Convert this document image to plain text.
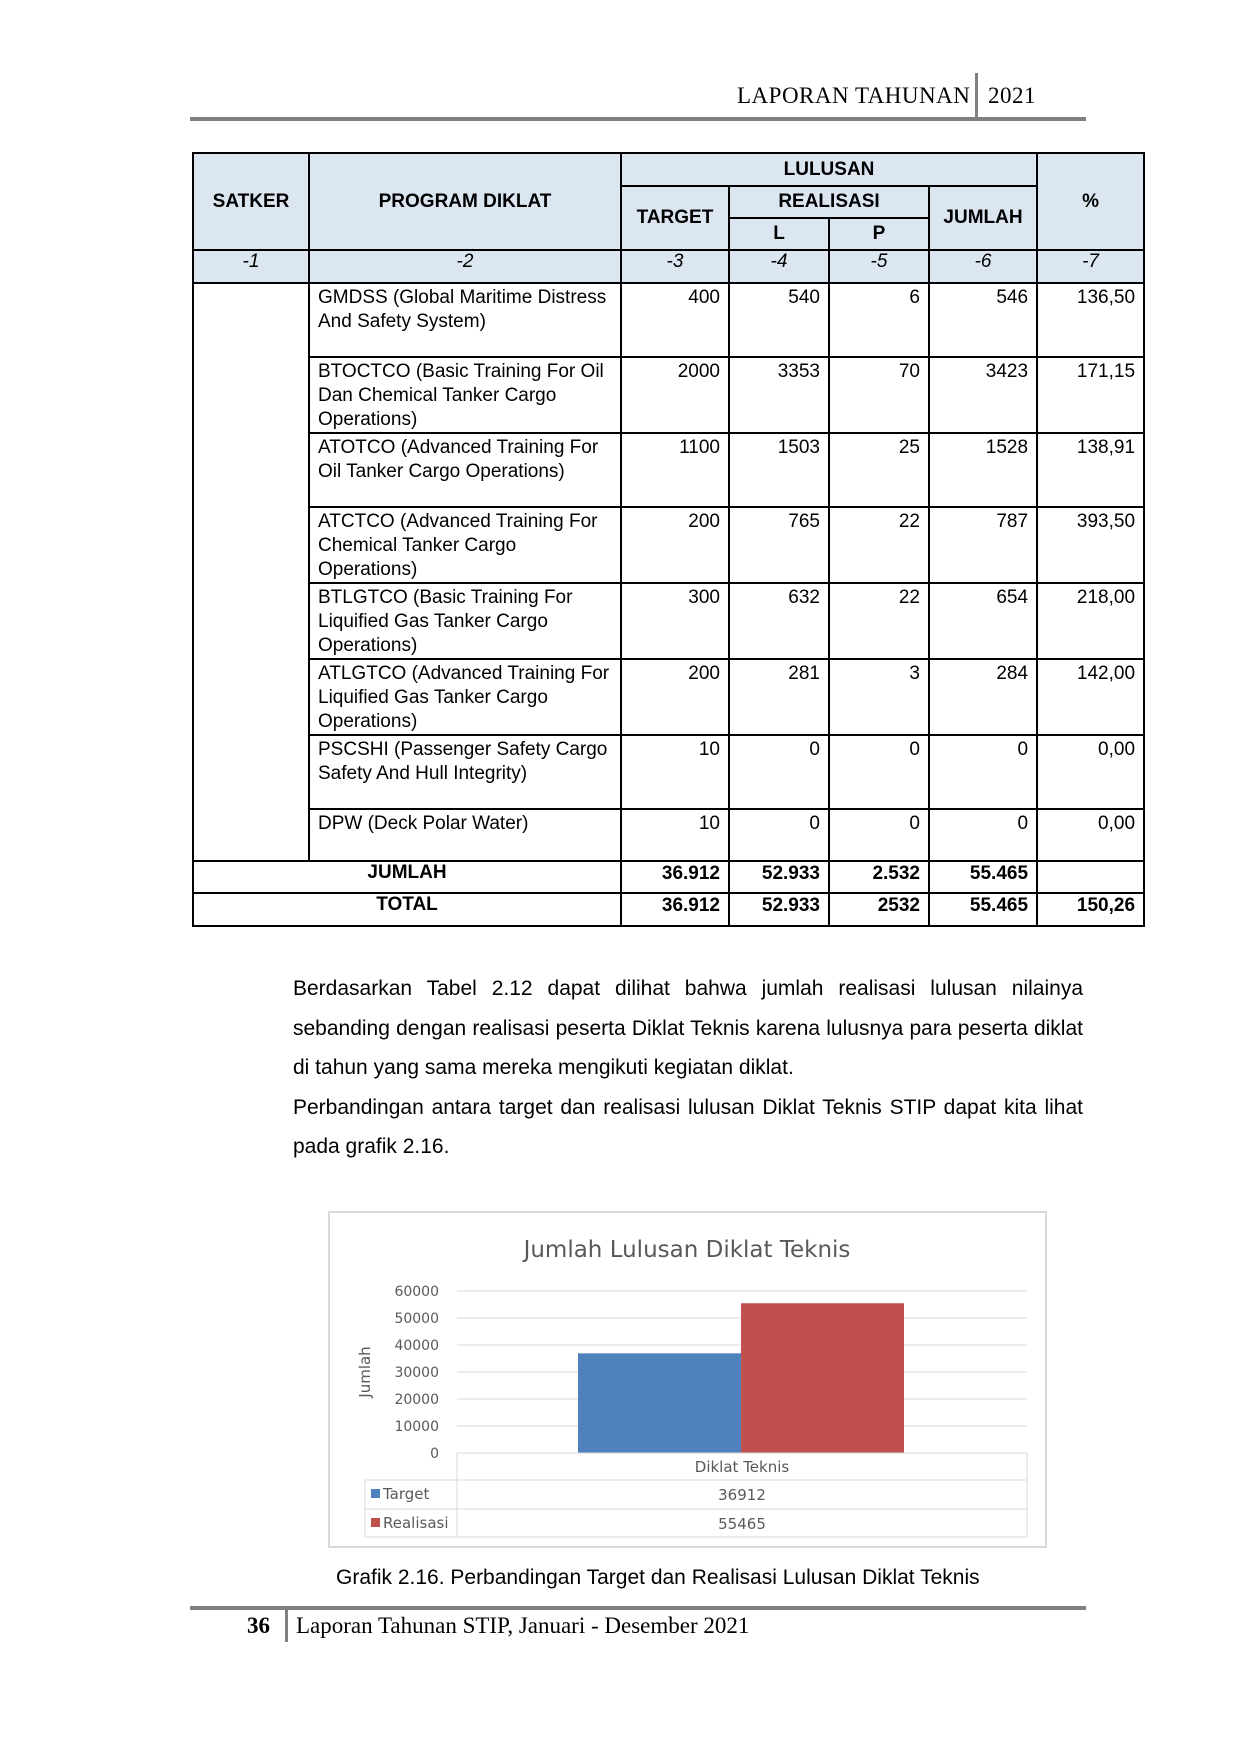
LAPORAN TAHUNAN 2021
SATKER	PROGRAM DIKLAT	LULUSAN				%
		TARGET	REALISASI		JUMLAH	
			L	P		
-1	-2	-3	-4	-5	-6	-7
	GMDSS (Global Maritime Distress And Safety System)	400	540	6	546	136,50
	BTOCTCO (Basic Training For Oil Dan Chemical Tanker Cargo Operations)	2000	3353	70	3423	171,15
	ATOTCO (Advanced Training For Oil Tanker Cargo Operations)	1100	1503	25	1528	138,91
	ATCTCO (Advanced Training For Chemical Tanker Cargo Operations)	200	765	22	787	393,50
	BTLGTCO (Basic Training For Liquified Gas Tanker Cargo Operations)	300	632	22	654	218,00
	ATLGTCO (Advanced Training For Liquified Gas Tanker Cargo Operations)	200	281	3	284	142,00
	PSCSHI (Passenger Safety Cargo Safety And Hull Integrity)	10	0	0	0	0,00
	DPW (Deck Polar Water)	10	0	0	0	0,00
JUMLAH		36.912	52.933	2.532	55.465	
TOTAL		36.912	52.933	2532	55.465	150,26

Berdasarkan Tabel 2.12 dapat dilihat bahwa jumlah realisasi lulusan nilainya sebanding dengan realisasi peserta Diklat Teknis karena lulusnya para peserta diklat di tahun yang sama mereka mengikuti kegiatan diklat.

Perbandingan antara target dan realisasi lulusan Diklat Teknis STIP dapat kita lihat pada grafik 2.16.

Jumlah Lulusan Diklat Teknis
60000
50000
40000
30000
20000
10000
0
Jumlah
Diklat Teknis
Target
Realisasi
36912
55465
Grafik 2.16. Perbandingan Target dan Realisasi Lulusan Diklat Teknis
36 Laporan Tahunan STIP, Januari - Desember 2021
